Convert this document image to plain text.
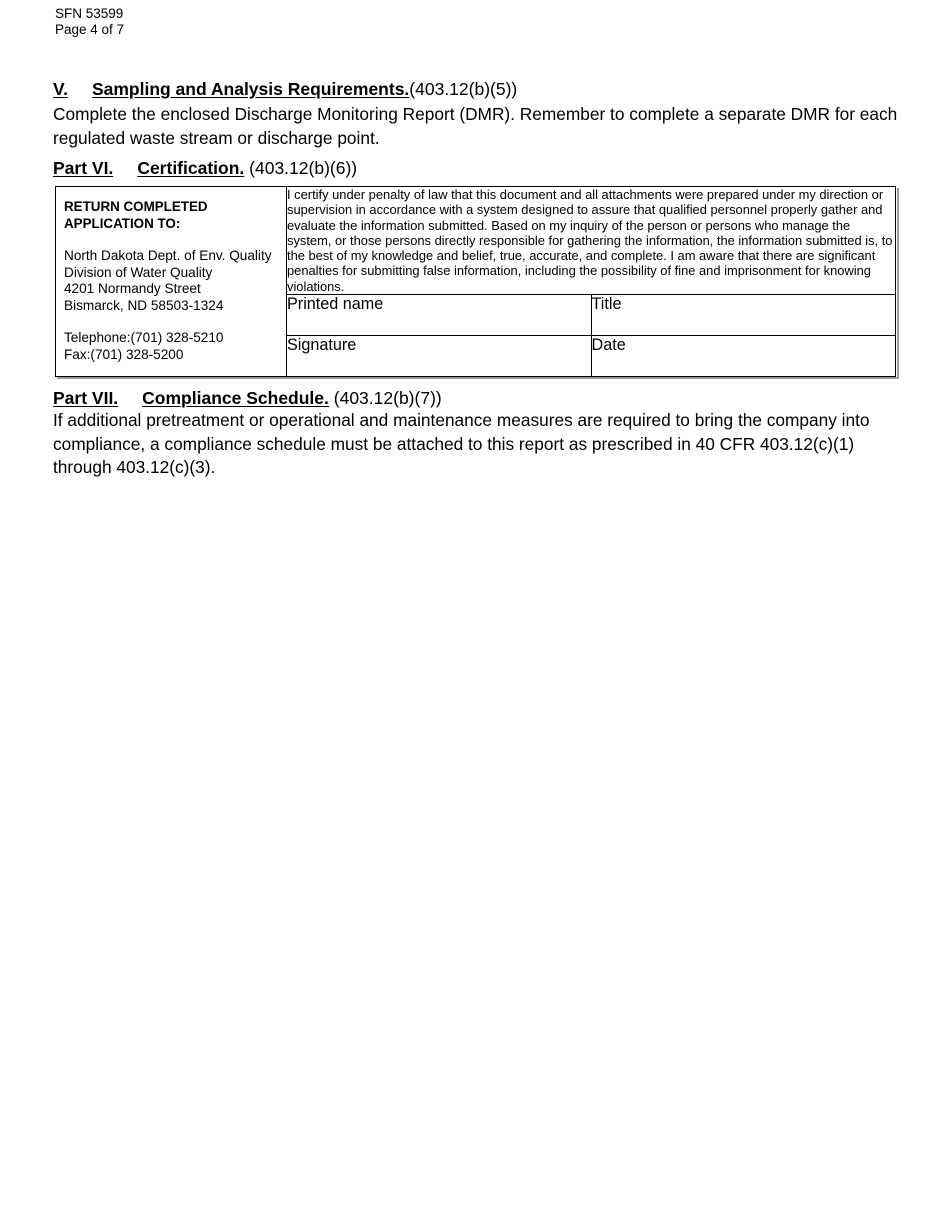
SFN 53599
Page 4 of 7
V. Sampling and Analysis Requirements.(403.12(b)(5))
Complete the enclosed Discharge Monitoring Report (DMR). Remember to complete a separate DMR for each regulated waste stream or discharge point.
Part VI. Certification. (403.12(b)(6))
RETURN COMPLETED
APPLICATION TO:
North Dakota Dept. of Env. Quality
Division of Water Quality
4201 Normandy Street
Bismarck, ND 58503-1324
Telephone:(701) 328-5210
Fax:(701) 328-5200

I certify under penalty of law that this document and all attachments were prepared under my direction or supervision in accordance with a system designed to assure that qualified personnel properly gather and evaluate the information submitted. Based on my inquiry of the person or persons who manage the system, or those persons directly responsible for gathering the information, the information submitted is, to the best of my knowledge and belief, true, accurate, and complete. I am aware that there are significant penalties for submitting false information, including the possibility of fine and imprisonment for knowing violations.

	Printed name	Title
	Signature	Date
Part VII. Compliance Schedule. (403.12(b)(7))
If additional pretreatment or operational and maintenance measures are required to bring the company into compliance, a compliance schedule must be attached to this report as prescribed in 40 CFR 403.12(c)(1) through 403.12(c)(3).
